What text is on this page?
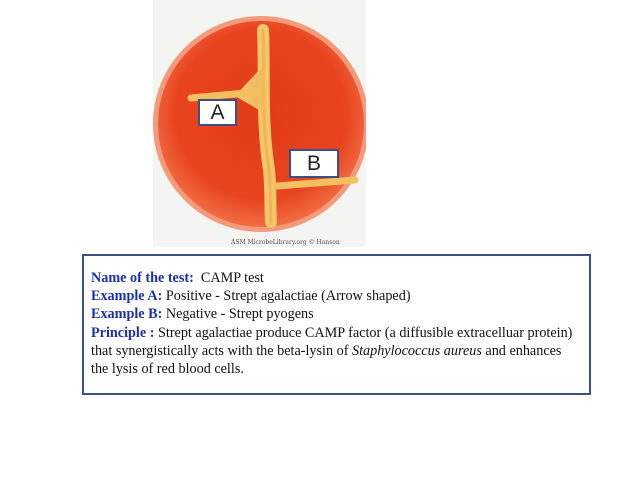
A
B
ASM MicrobeLibrary.org © Hanson
Name of the test: CAMP test
Example A: Positive - Strept agalactiae (Arrow shaped)
Example B: Negative - Strept pyogens
Principle : Strept agalactiae produce CAMP factor (a diffusible extracelluar protein) that synergistically acts with the beta-lysin of Staphylococcus aureus and enhances the lysis of red blood cells.
